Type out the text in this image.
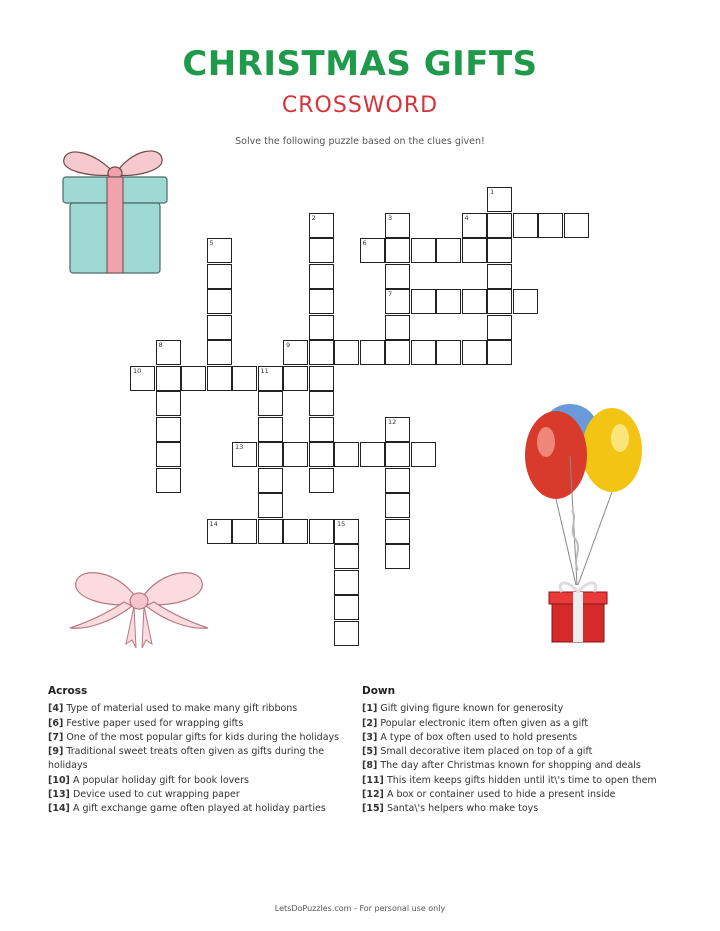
CHRISTMAS GIFTS
CROSSWORD
Solve the following puzzle based on the clues given!
1
2	3
7
4
5	6
8	9
10	11
12
13
14	15
Across
[4] Type of material used to make many gift ribbons
[6] Festive paper used for wrapping gifts
[7] One of the most popular gifts for kids during the holidays
[9] Traditional sweet treats often given as gifts during the holidays
[10] A popular holiday gift for book lovers
[13] Device used to cut wrapping paper
[14] A gift exchange game often played at holiday parties
Down
[1] Gift giving figure known for generosity
[2] Popular electronic item often given as a gift
[3] A type of box often used to hold presents
[5] Small decorative item placed on top of a gift
[8] The day after Christmas known for shopping and deals
[11] This item keeps gifts hidden until it\'s time to open them
[12] A box or container used to hide a present inside
[15] Santa\'s helpers who make toys
LetsDoPuzzles.com - For personal use only
